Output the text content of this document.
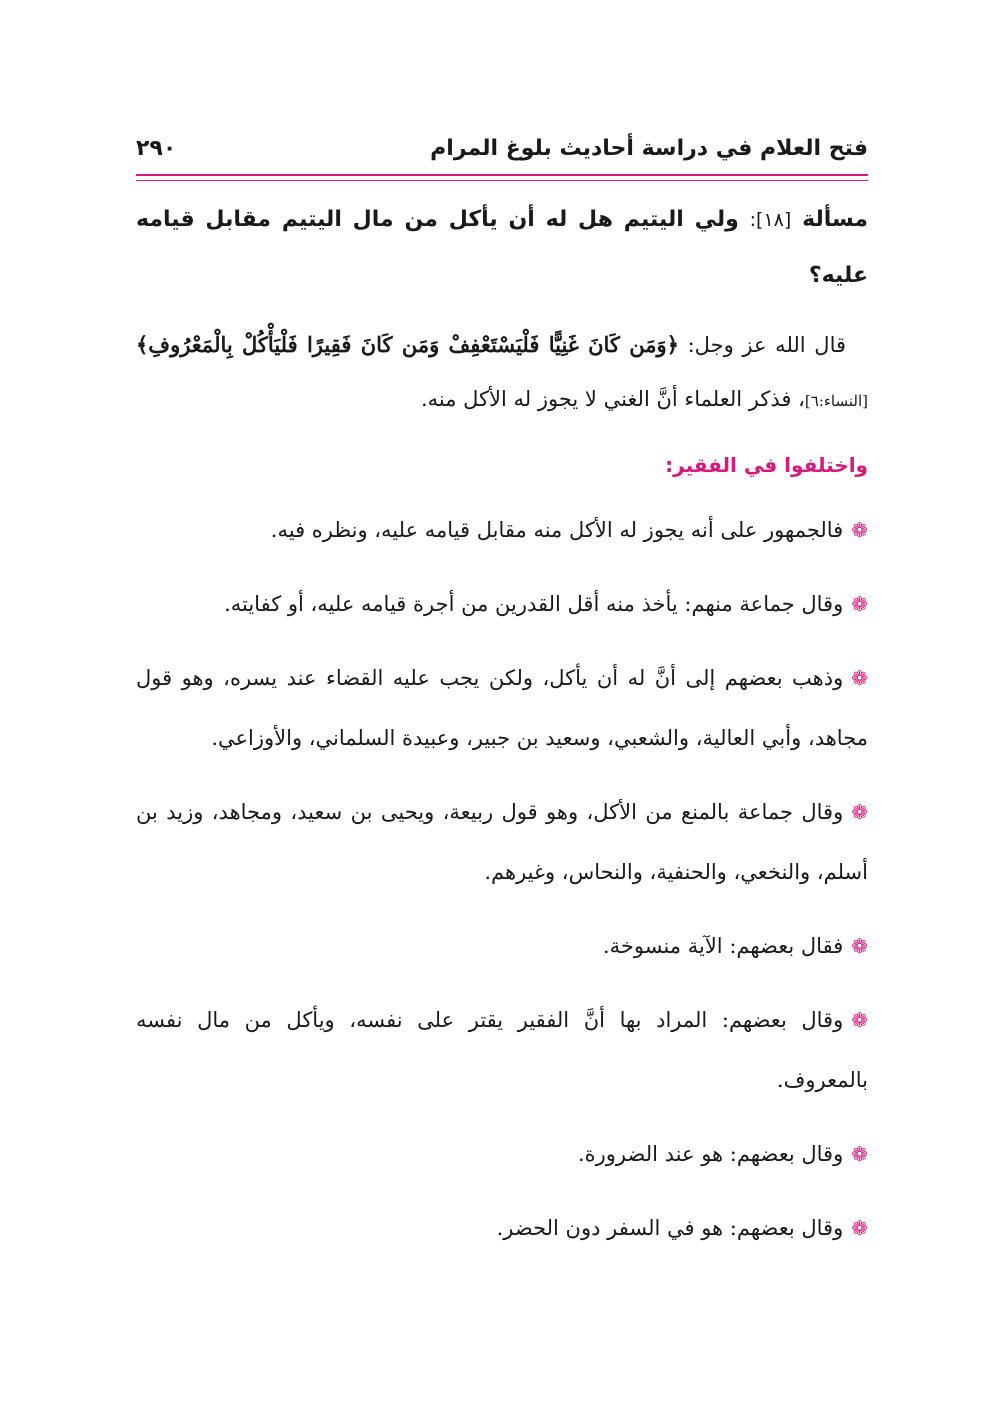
فتح العلام في دراسة أحاديث بلوغ المرام
٢٩٠

مسألة [١٨]: ولي اليتيم هل له أن يأكل من مال اليتيم مقابل قيامه عليه؟

قال الله عز وجل: ﴿وَمَن كَانَ غَنِيًّا فَلْيَسْتَعْفِفْ وَمَن كَانَ فَقِيرًا فَلْيَأْكُلْ بِالْمَعْرُوفِ﴾ [النساء:٦]، فذكر العلماء أنَّ الغني لا يجوز له الأكل منه.

واختلفوا في الفقير:

❁فالجمهور على أنه يجوز له الأكل منه مقابل قيامه عليه، ونظره فيه.

❁وقال جماعة منهم: يأخذ منه أقل القدرين من أجرة قيامه عليه، أو كفايته.

❁وذهب بعضهم إلى أنَّ له أن يأكل، ولكن يجب عليه القضاء عند يسره، وهو قول مجاهد، وأبي العالية، والشعبي، وسعيد بن جبير، وعبيدة السلماني، والأوزاعي.

❁وقال جماعة بالمنع من الأكل، وهو قول ربيعة، ويحيى بن سعيد، ومجاهد، وزيد بن أسلم، والنخعي، والحنفية، والنحاس، وغيرهم.

❁فقال بعضهم: الآية منسوخة.

❁وقال بعضهم: المراد بها أنَّ الفقير يقتر على نفسه، ويأكل من مال نفسه بالمعروف.

❁وقال بعضهم: هو عند الضرورة.

❁وقال بعضهم: هو في السفر دون الحضر.
